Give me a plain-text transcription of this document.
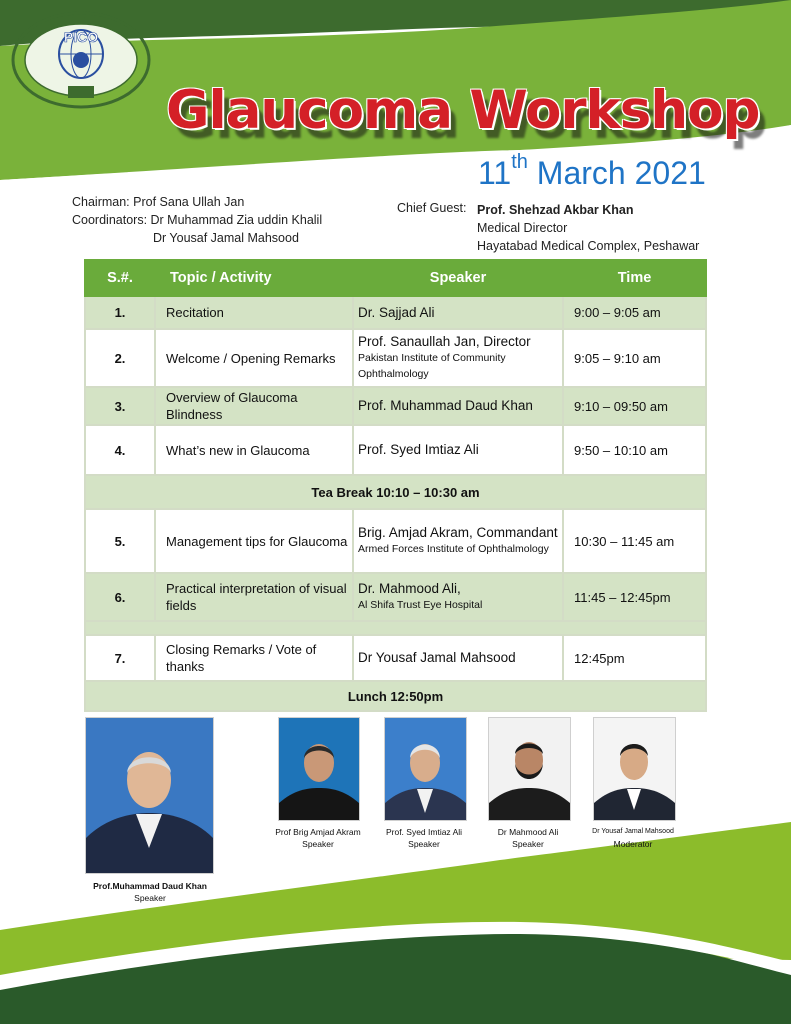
PICO
Glaucoma Workshop
11th March 2021
Chairman: Prof Sana Ullah Jan
Coordinators: Dr Muhammad Zia uddin Khalil
Dr Yousaf Jamal Mahsood
Chief Guest: Prof. Shehzad Akbar Khan
Medical Director
Hayatabad Medical Complex, Peshawar
S.#.	Topic / Activity	Speaker	Time
1.	Recitation	Dr. Sajjad Ali	9:00 – 9:05 am
2.	Welcome / Opening Remarks	Prof. Sanaullah Jan, Director
Pakistan Institute of Community Ophthalmology	9:05 – 9:10 am
3.	Overview of Glaucoma Blindness	Prof. Muhammad Daud Khan	9:10 – 09:50 am
4.	What’s new in Glaucoma	Prof. Syed Imtiaz Ali	9:50 – 10:10 am
Tea Break 10:10 – 10:30 am			
5.	Management tips for Glaucoma	Brig. Amjad Akram, Commandant
Armed Forces Institute of Ophthalmology	10:30 – 11:45 am
6.	Practical interpretation of visual fields	Dr. Mahmood Ali,
Al Shifa Trust Eye Hospital	11:45 – 12:45pm

7.	Closing Remarks / Vote of thanks	Dr Yousaf Jamal Mahsood	12:45pm
Lunch 12:50pm			
Prof.Muhammad Daud Khan
Speaker
Prof Brig Amjad Akram
Speaker
Prof. Syed Imtiaz Ali
Speaker
Dr Mahmood Ali
Speaker
Dr Yousaf Jamal Mahsood
Moderator
